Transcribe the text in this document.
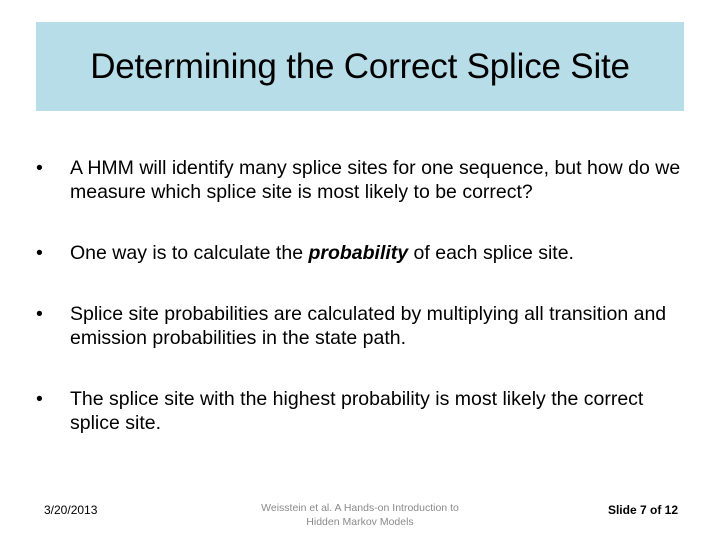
Determining the Correct Splice Site
•	A HMM will identify many splice sites for one sequence, but how do we measure which splice site is most likely to be correct?
•	One way is to calculate the probability of each splice site.
•	Splice site probabilities are calculated by multiplying all transition and emission probabilities in the state path.
•	The splice site with the highest probability is most likely the correct splice site.
3/20/2013	Weisstein et al. A Hands-on Introduction to
Hidden Markov Models
Slide 7 of 12
